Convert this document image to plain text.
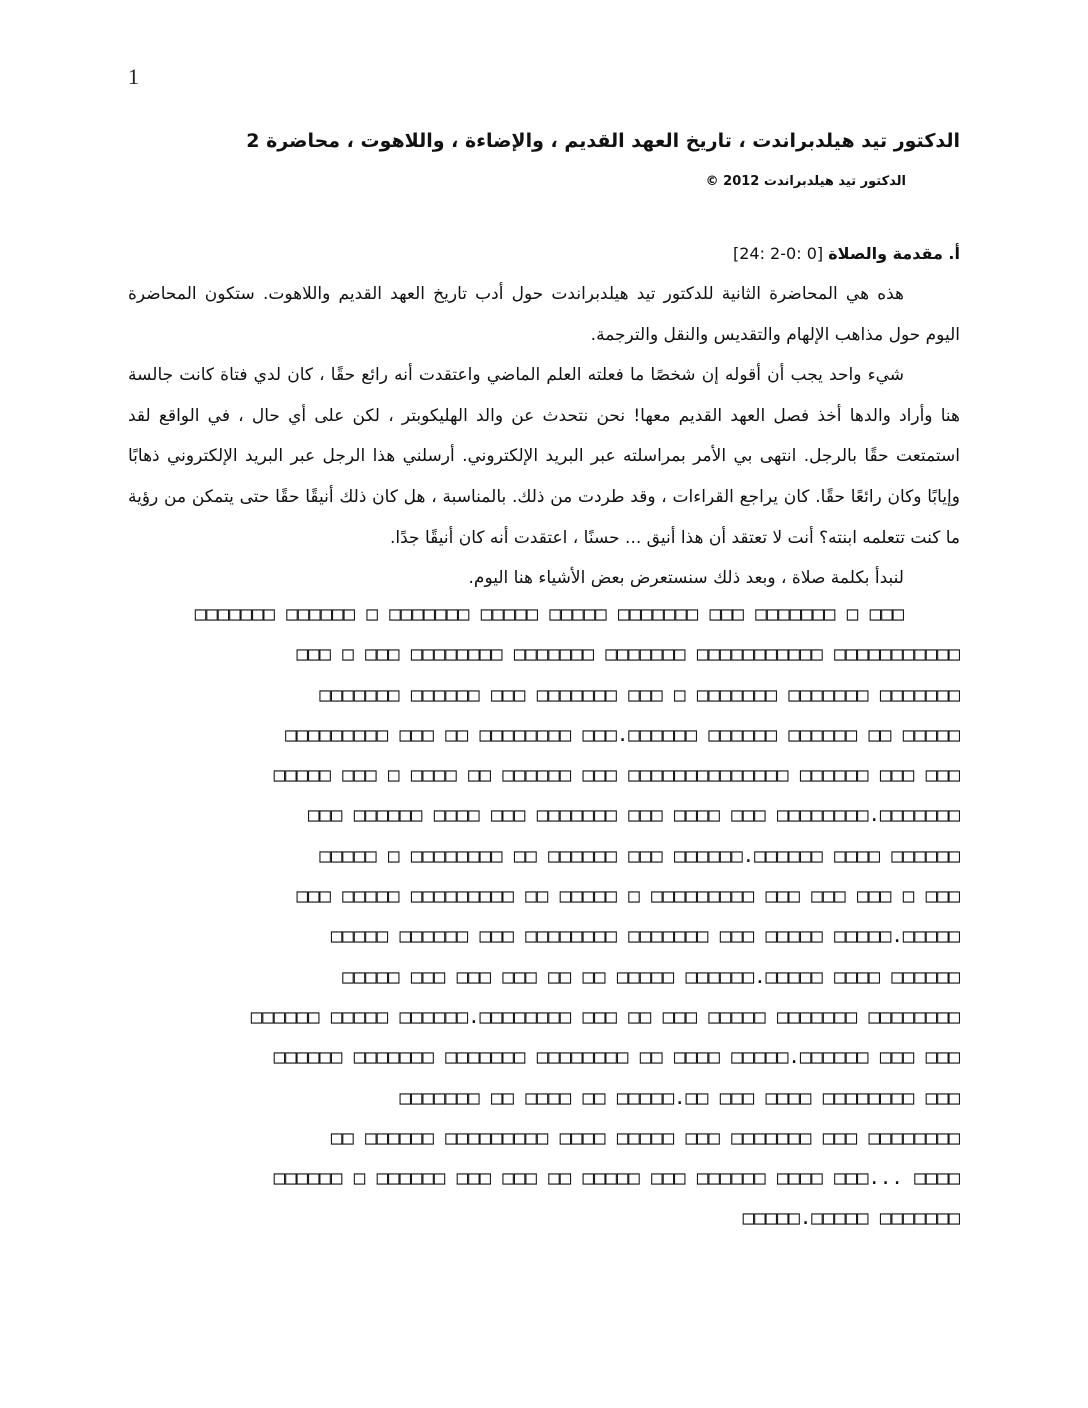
1
الدكتور تيد هيلدبراندت ، تاريخ العهد القديم ، والإضاءة ، واللاهوت ، محاضرة 2
الدكتور تيد هيلدبراندت 2012 ©
أ. مقدمة والصلاة [0 :0-2 :24]

هذه هي المحاضرة الثانية للدكتور تيد هيلدبراندت حول أدب تاريخ العهد القديم واللاهوت. ستكون المحاضرة اليوم حول مذاهب الإلهام والتقديس والنقل والترجمة.

شيء واحد يجب أن أقوله إن شخصًا ما فعلته العلم الماضي واعتقدت أنه رائع حقًا ، كان لدي فتاة كانت جالسة هنا وأراد والدها أخذ فصل العهد القديم معها! نحن نتحدث عن والد الهليكوبتر ، لكن على أي حال ، في الواقع لقد استمتعت حقًا بالرجل. انتهى بي الأمر بمراسلته عبر البريد الإلكتروني. أرسلني هذا الرجل عبر البريد الإلكتروني ذهابًا وإيابًا وكان رائعًا حقًا. كان يراجع القراءات ، وقد طردت من ذلك. بالمناسبة ، هل كان ذلك أنيقًا حقًا حتى يتمكن من رؤية ما كنت تتعلمه ابنته؟ أنت لا تعتقد أن هذا أنيق ... حسنًا ، اعتقدت أنه كان أنيقًا جدًا.

لنبدأ بكلمة صلاة ، وبعد ذلك سنستعرض بعض الأشياء هنا اليوم.

□□□ □ □□□□□□□ □□□ □□□□□□□ □□□□□ □□□□□ □□□□□□□ □ □□□□□□ □□□□□□□
□□□□□□□□□□□ □□□□□□□□□□□ □□□□□□□ □□□□□□□ □□□□□□□□ □□□ □ □□□
□□□□□□□ □□□□□□□ □□□□□□□ □ □□□ □□□□□□□ □□□ □□□□□□ □□□□□□□
□□□□□ □□ □□□□□□ □□□□□□ □□□□□□.□□□ □□□□□□□□ □□ □□□ □□□□□□□□□
□□□ □□□ □□□□□□ □□□□□□□□□□□□□□ □□□ □□□□□□ □□ □□□□ □ □□□ □□□□□
□□□□□□□.□□□□□□□□ □□□ □□□□ □□□ □□□□□□□ □□□ □□□□ □□□□□□ □□□
□□□□□□ □□□□ □□□□□□.□□□□□□ □□□ □□□□□□ □□ □□□□□□□□ □ □□□□□
□□□ □ □□□ □□□ □□□ □□□□□□□□□ □ □□□□□ □□ □□□□□□□□□ □□□□□ □□□
□□□□□.□□□□□ □□□□□ □□□ □□□□□□□ □□□□□□□□ □□□ □□□□□□ □□□□□
□□□□□□ □□□□ □□□□□.□□□□□□ □□□□□ □□ □□ □□□ □□□ □□□ □□□□□
□□□□□□□□ □□□□□□□ □□□□□ □□□ □□ □□□ □□□□□□□□.□□□□□□ □□□□□ □□□□□□
□□□ □□□ □□□□□□.□□□□□ □□□□ □□ □□□□□□□□ □□□□□□□ □□□□□□□ □□□□□□
□□□ □□□□□□□□ □□□□ □□□ □□.□□□□□ □□ □□□□ □□ □□□□□□□
□□□□□□□□ □□□ □□□□□□□ □□□ □□□□□ □□□□ □□□□□□□□□ □□□□□□ □□
□□□□ ...□□□ □□□□ □□□□□□ □□□ □□□□□ □□ □□□ □□□ □□□□□□ □ □□□□□□
□□□□□□□ □□□□□.□□□□□
